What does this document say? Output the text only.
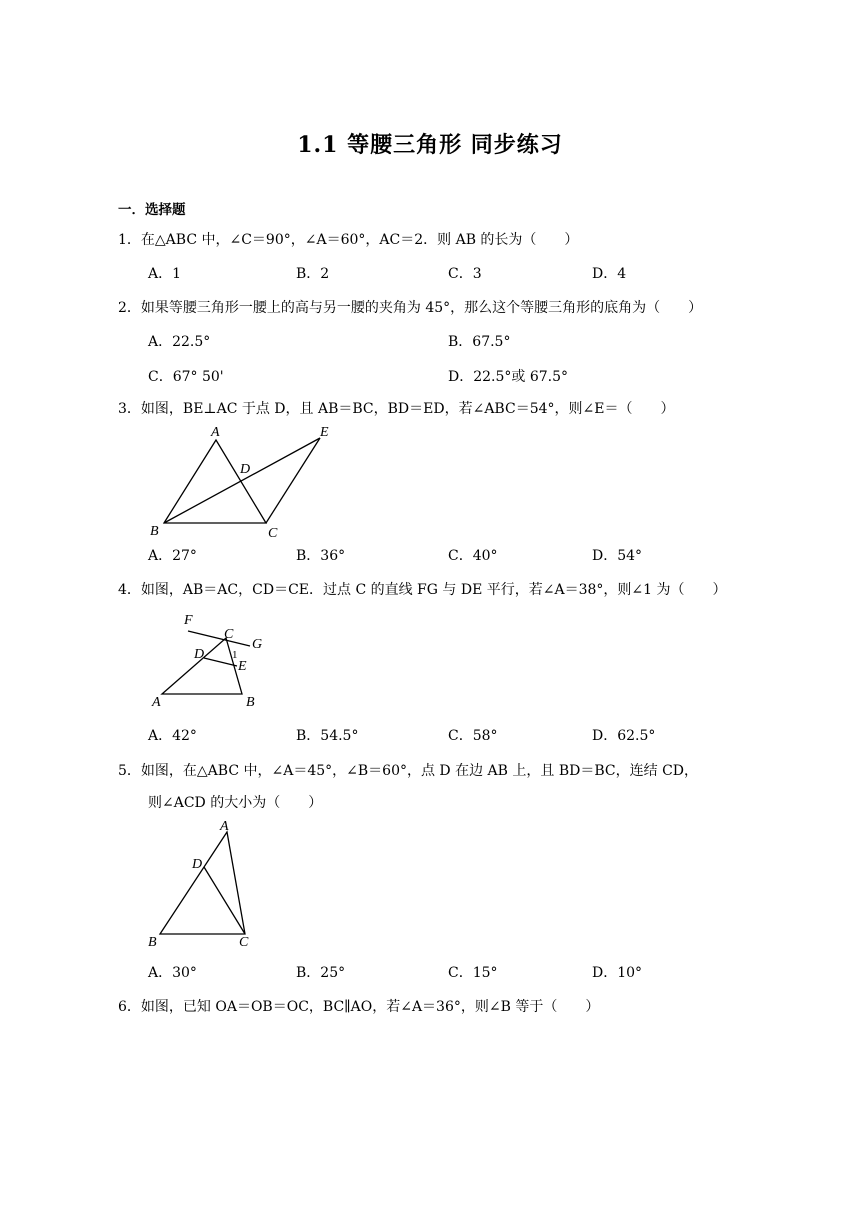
1.1 等腰三角形 同步练习
一．选择题
1．在△ABC 中，∠C＝90°，∠A＝60°，AC＝2．则 AB 的长为（　　）
A．1	B．2	C．3	D．4
2．如果等腰三角形一腰上的高与另一腰的夹角为 45°，那么这个等腰三角形的底角为（　　）
A．22.5°	B．67.5°
C．67° 50'	D．22.5°或 67.5°
3．如图，BE⊥AC 于点 D，且 AB＝BC，BD＝ED，若∠ABC＝54°，则∠E＝（　　）
A	E
D
B	C
A．27°	B．36°	C．40°	D．54°
4．如图，AB＝AC，CD＝CE．过点 C 的直线 FG 与 DE 平行，若∠A＝38°，则∠1 为（　　）
F
C
G
D	1
E
A	B
A．42°	B．54.5°	C．58°	D．62.5°
5．如图，在△ABC 中，∠A＝45°，∠B＝60°，点 D 在边 AB 上，且 BD＝BC，连结 CD，
则∠ACD 的大小为（　　）
A
D
B	C
A．30°	B．25°	C．15°	D．10°
6．如图，已知 OA＝OB＝OC，BC∥AO，若∠A＝36°，则∠B 等于（　　）
